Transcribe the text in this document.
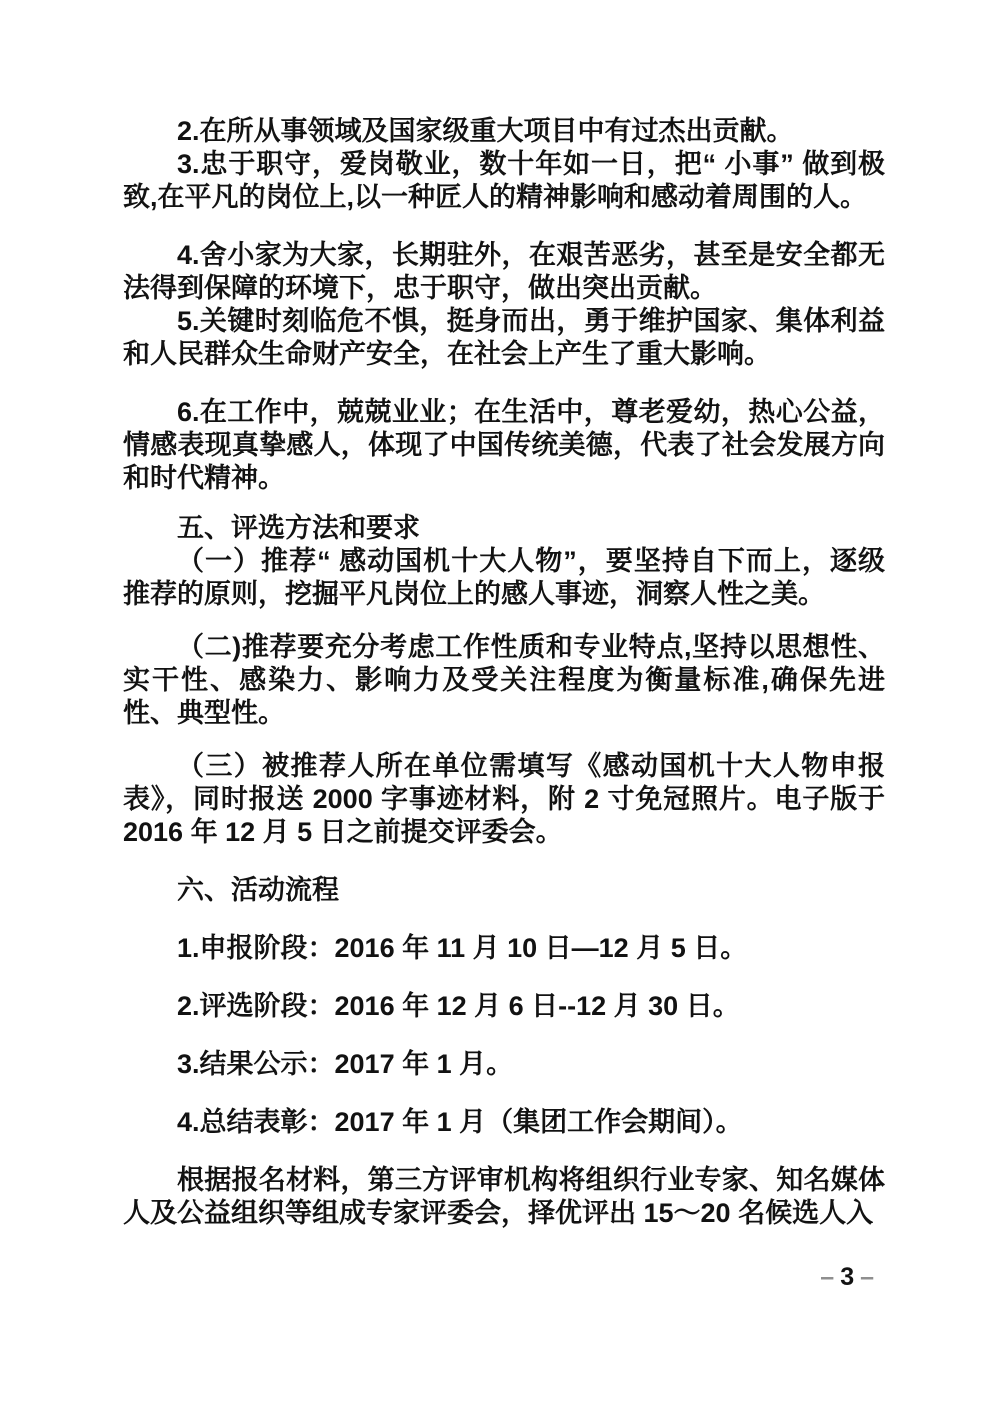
2.在所从事领域及国家级重大项目中有过杰出贡献。

3.忠于职守，爱岗敬业，数十年如一日，把“ 小事” 做到极致,在平凡的岗位上,以一种匠人的精神影响和感动着周围的人。

4.舍小家为大家，长期驻外，在艰苦恶劣，甚至是安全都无法得到保障的环境下，忠于职守，做出突出贡献。

5.关键时刻临危不惧，挺身而出，勇于维护国家、集体利益和人民群众生命财产安全，在社会上产生了重大影响。

6.在工作中，兢兢业业；在生活中，尊老爱幼，热心公益，情感表现真挚感人，体现了中国传统美德，代表了社会发展方向和时代精神。

五、评选方法和要求

（一）推荐“ 感动国机十大人物”，要坚持自下而上，逐级推荐的原则，挖掘平凡岗位上的感人事迹，洞察人性之美。

（二)推荐要充分考虑工作性质和专业特点,坚持以思想性、实干性、感染力、影响力及受关注程度为衡量标准,确保先进性、典型性。

（三）被推荐人所在单位需填写《感动国机十大人物申报表》，同时报送 2000 字事迹材料，附 2 寸免冠照片。电子版于 2016 年 12 月 5 日之前提交评委会。

六、活动流程

1.申报阶段：2016 年 11 月 10 日—12 月 5 日。

2.评选阶段：2016 年 12 月 6 日--12 月 30 日。

3.结果公示：2017 年 1 月。

4.总结表彰：2017 年 1 月（集团工作会期间）。

根据报名材料，第三方评审机构将组织行业专家、知名媒体人及公益组织等组成专家评委会，择优评出 15～20 名候选人入

– 3 –
